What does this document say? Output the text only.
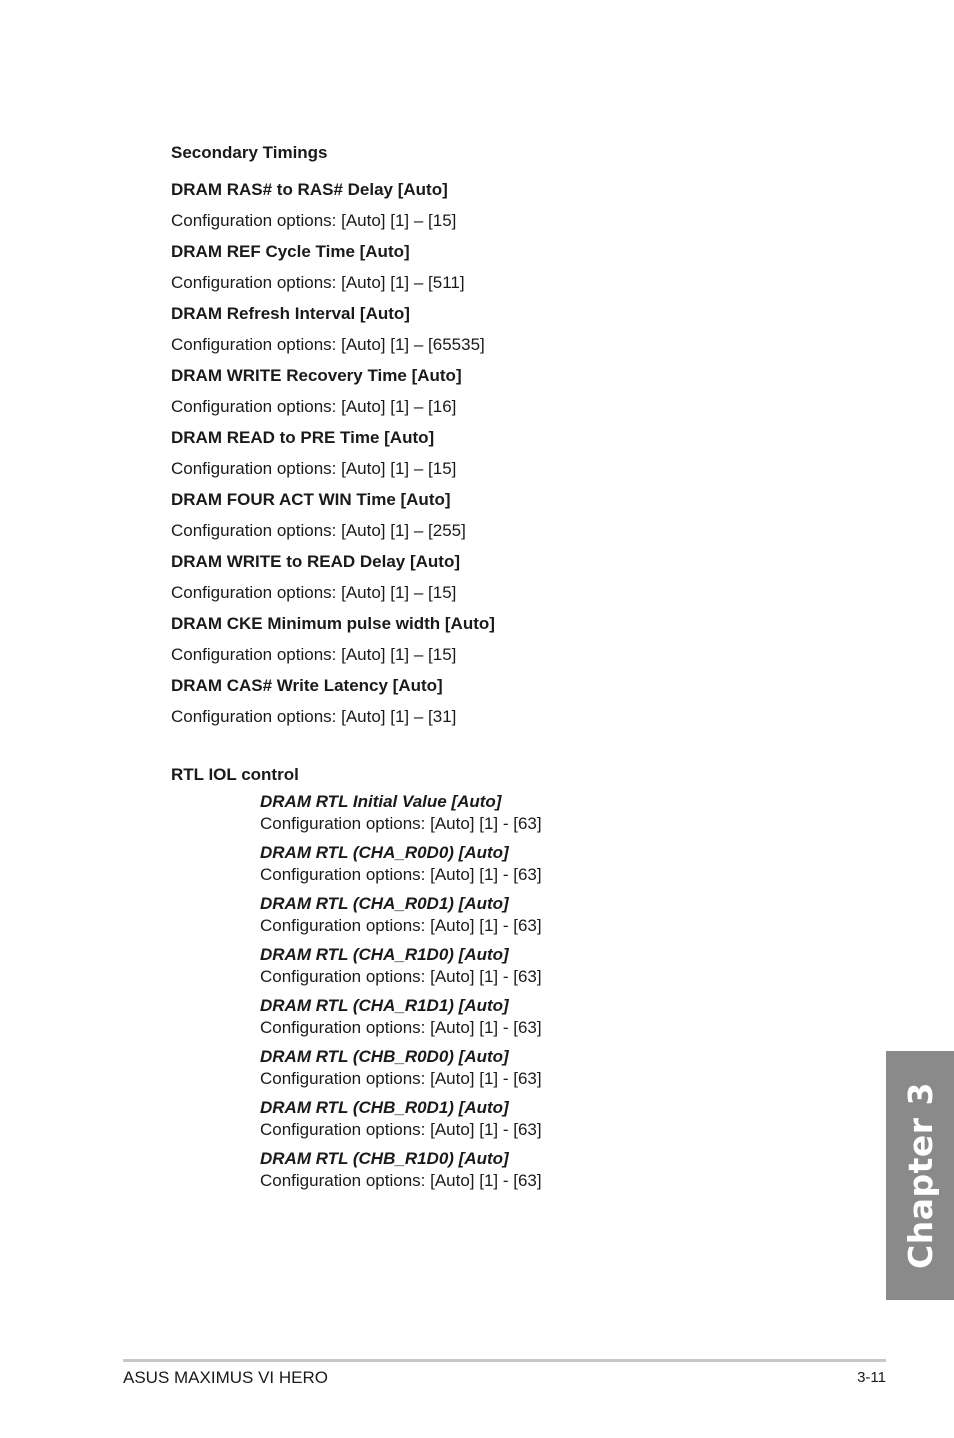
Secondary Timings
DRAM RAS# to RAS# Delay [Auto]
Configuration options: [Auto] [1] – [15]
DRAM REF Cycle Time [Auto]
Configuration options: [Auto] [1] – [511]
DRAM Refresh Interval [Auto]
Configuration options: [Auto] [1] – [65535]
DRAM WRITE Recovery Time [Auto]
Configuration options: [Auto] [1] – [16]
DRAM READ to PRE Time [Auto]
Configuration options: [Auto] [1] – [15]
DRAM FOUR ACT WIN Time [Auto]
Configuration options: [Auto] [1] – [255]
DRAM WRITE to READ Delay [Auto]
Configuration options: [Auto] [1] – [15]
DRAM CKE Minimum pulse width [Auto]
Configuration options: [Auto] [1] – [15]
DRAM CAS# Write Latency [Auto]
Configuration options: [Auto] [1] – [31]
RTL IOL control
DRAM RTL Initial Value [Auto]
Configuration options: [Auto] [1] - [63]
DRAM RTL (CHA_R0D0) [Auto]
Configuration options: [Auto] [1] - [63]
DRAM RTL (CHA_R0D1) [Auto]
Configuration options: [Auto] [1] - [63]
DRAM RTL (CHA_R1D0) [Auto]
Configuration options: [Auto] [1] - [63]
DRAM RTL (CHA_R1D1) [Auto]
Configuration options: [Auto] [1] - [63]
DRAM RTL (CHB_R0D0) [Auto]
Configuration options: [Auto] [1] - [63]
DRAM RTL (CHB_R0D1) [Auto]
Configuration options: [Auto] [1] - [63]
DRAM RTL (CHB_R1D0) [Auto]
Configuration options: [Auto] [1] - [63]	Chapter 3
ASUS MAXIMUS VI HERO	3-11
